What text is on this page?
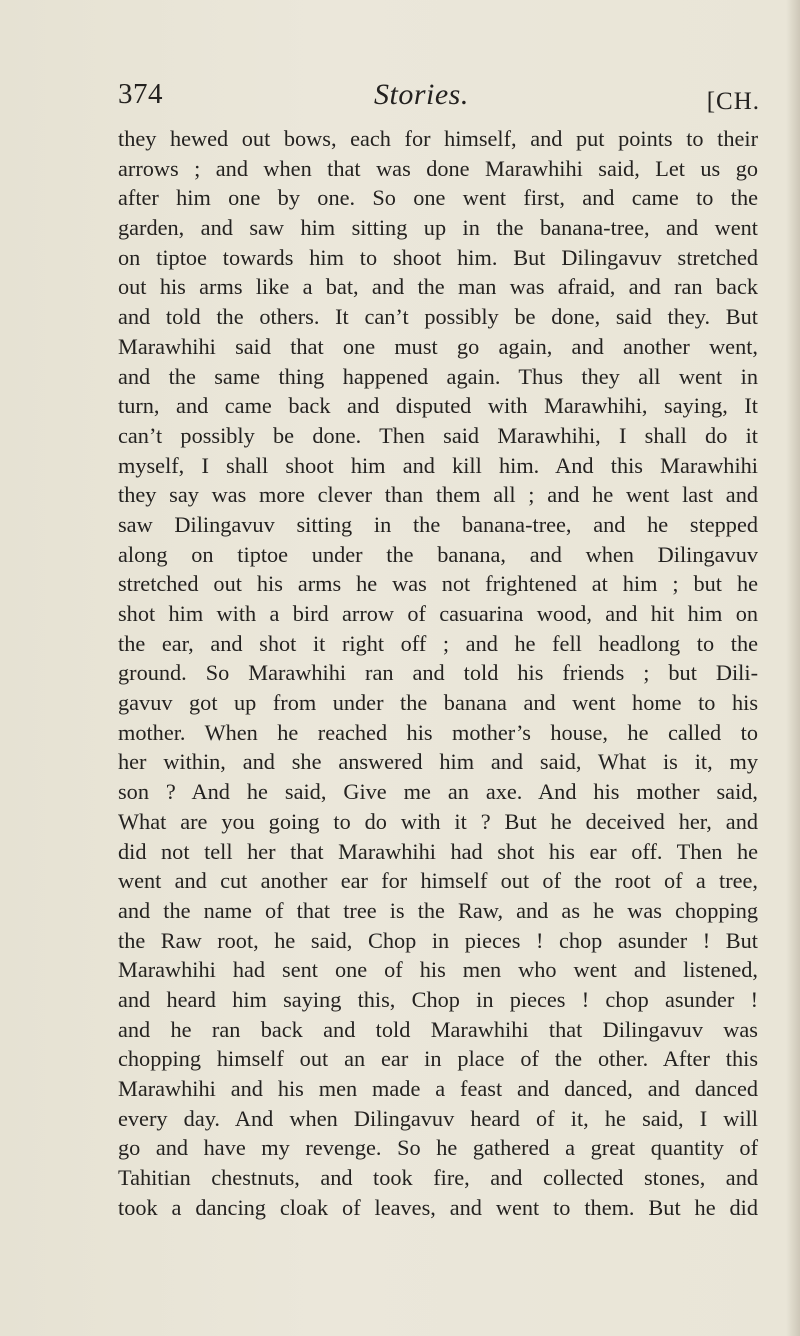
374	Stories.	[CH.
they hewed out bows, each for himself, and put points to their
arrows ; and when that was done Marawhihi said, Let us go
after him one by one. So one went first, and came to the
garden, and saw him sitting up in the banana-tree, and went
on tiptoe towards him to shoot him. But Dilingavuv stretched
out his arms like a bat, and the man was afraid, and ran back
and told the others. It can’t possibly be done, said they. But
Marawhihi said that one must go again, and another went,
and the same thing happened again. Thus they all went in
turn, and came back and disputed with Marawhihi, saying, It
can’t possibly be done. Then said Marawhihi, I shall do it
myself, I shall shoot him and kill him. And this Marawhihi
they say was more clever than them all ; and he went last and
saw Dilingavuv sitting in the banana-tree, and he stepped
along on tiptoe under the banana, and when Dilingavuv
stretched out his arms he was not frightened at him ; but he
shot him with a bird arrow of casuarina wood, and hit him on
the ear, and shot it right off ; and he fell headlong to the
ground. So Marawhihi ran and told his friends ; but Dili-
gavuv got up from under the banana and went home to his
mother. When he reached his mother’s house, he called to
her within, and she answered him and said, What is it, my
son ? And he said, Give me an axe. And his mother said,
What are you going to do with it ? But he deceived her, and
did not tell her that Marawhihi had shot his ear off. Then he
went and cut another ear for himself out of the root of a tree,
and the name of that tree is the Raw, and as he was chopping
the Raw root, he said, Chop in pieces ! chop asunder ! But
Marawhihi had sent one of his men who went and listened,
and heard him saying this, Chop in pieces ! chop asunder !
and he ran back and told Marawhihi that Dilingavuv was
chopping himself out an ear in place of the other. After this
Marawhihi and his men made a feast and danced, and danced
every day. And when Dilingavuv heard of it, he said, I will
go and have my revenge. So he gathered a great quantity of
Tahitian chestnuts, and took fire, and collected stones, and
took a dancing cloak of leaves, and went to them. But he did
